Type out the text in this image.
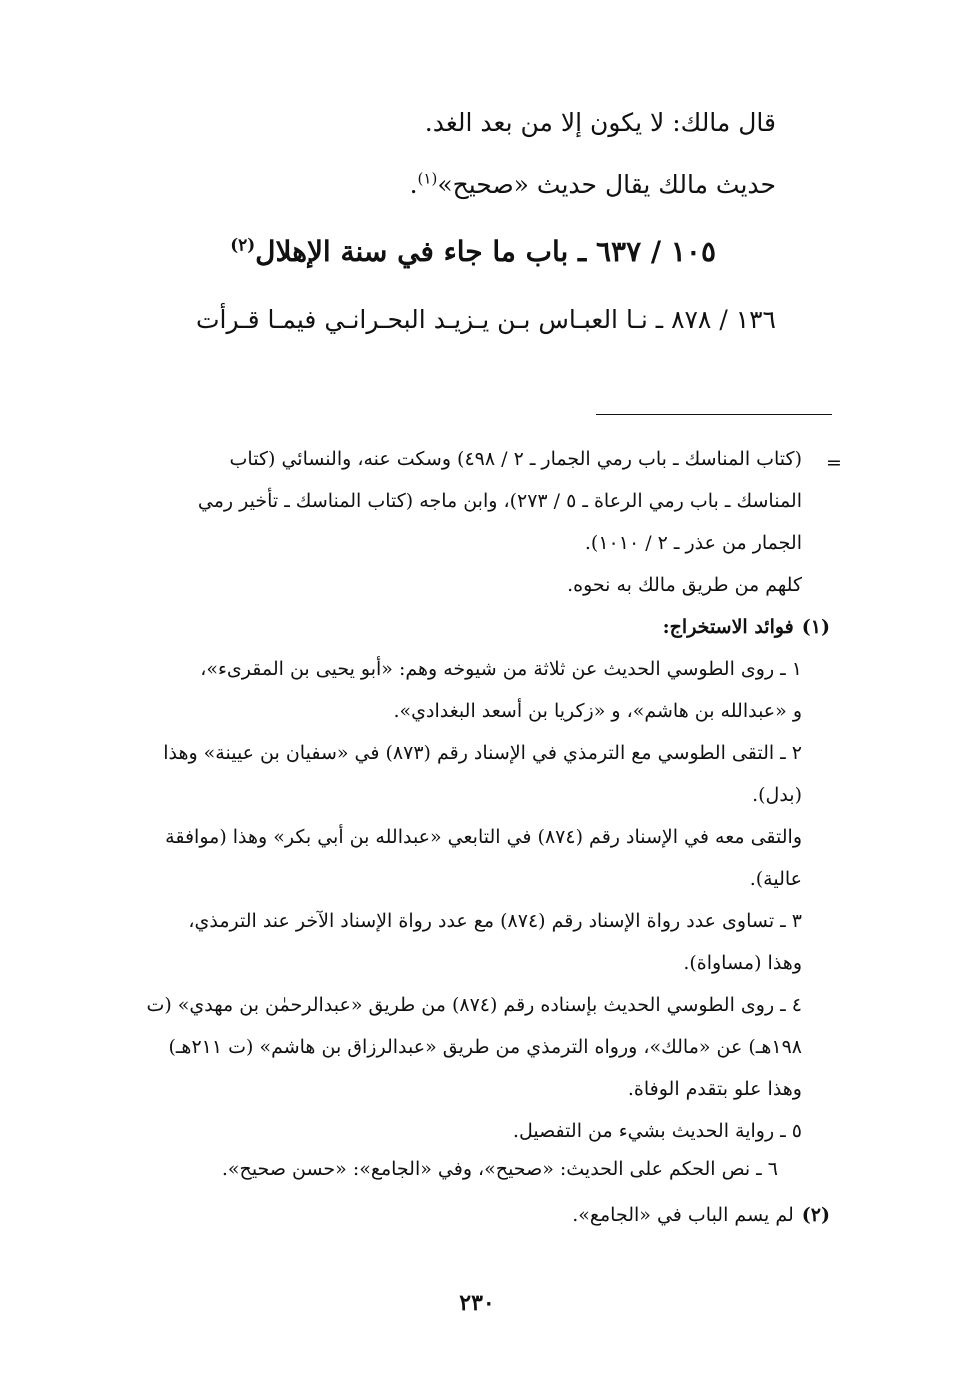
قال مالك: لا يكون إلا من بعد الغد.
حديث مالك يقال حديث «صحيح»$^{(١)}$.
١٠٥ / ٦٣٧ ـ باب ما جاء في سنة الإهلال$^{(٢)}$
١٣٦ / ٨٧٨ ـ نـا العبـاس بـن يـزيـد البحـرانـي فيمـا قـرأت
=
(كتاب المناسك ـ باب رمي الجمار ـ ٢ / ٤٩٨) وسكت عنه، والنسائي (كتاب
المناسك ـ باب رمي الرعاة ـ ٥ / ٢٧٣)، وابن ماجه (كتاب المناسك ـ تأخير رمي
الجمار من عذر ـ ٢ / ١٠١٠).
كلهم من طريق مالك به نحوه.
(١)فوائد الاستخراج:
١ ـ روى الطوسي الحديث عن ثلاثة من شيوخه وهم: «أبو يحيى بن المقرىء»،
و «عبدالله بن هاشم»، و «زكريا بن أسعد البغدادي».
٢ ـ التقى الطوسي مع الترمذي في الإسناد رقم (٨٧٣) في «سفيان بن عيينة» وهذا
(بدل).
والتقى معه في الإسناد رقم (٨٧٤) في التابعي «عبدالله بن أبي بكر» وهذا (موافقة
عالية).
٣ ـ تساوى عدد رواة الإسناد رقم (٨٧٤) مع عدد رواة الإسناد الآخر عند الترمذي،
وهذا (مساواة).
٤ ـ روى الطوسي الحديث بإسناده رقم (٨٧٤) من طريق «عبدالرحمٰن بن مهدي» (ت
١٩٨هـ) عن «مالك»، ورواه الترمذي من طريق «عبدالرزاق بن هاشم» (ت ٢١١هـ)
وهذا علو بتقدم الوفاة.
٥ ـ رواية الحديث بشيء من التفصيل.
٦ ـ نص الحكم على الحديث: «صحيح»، وفي «الجامع»: «حسن صحيح».
(٢)لم يسم الباب في «الجامع».
٢٣٠
